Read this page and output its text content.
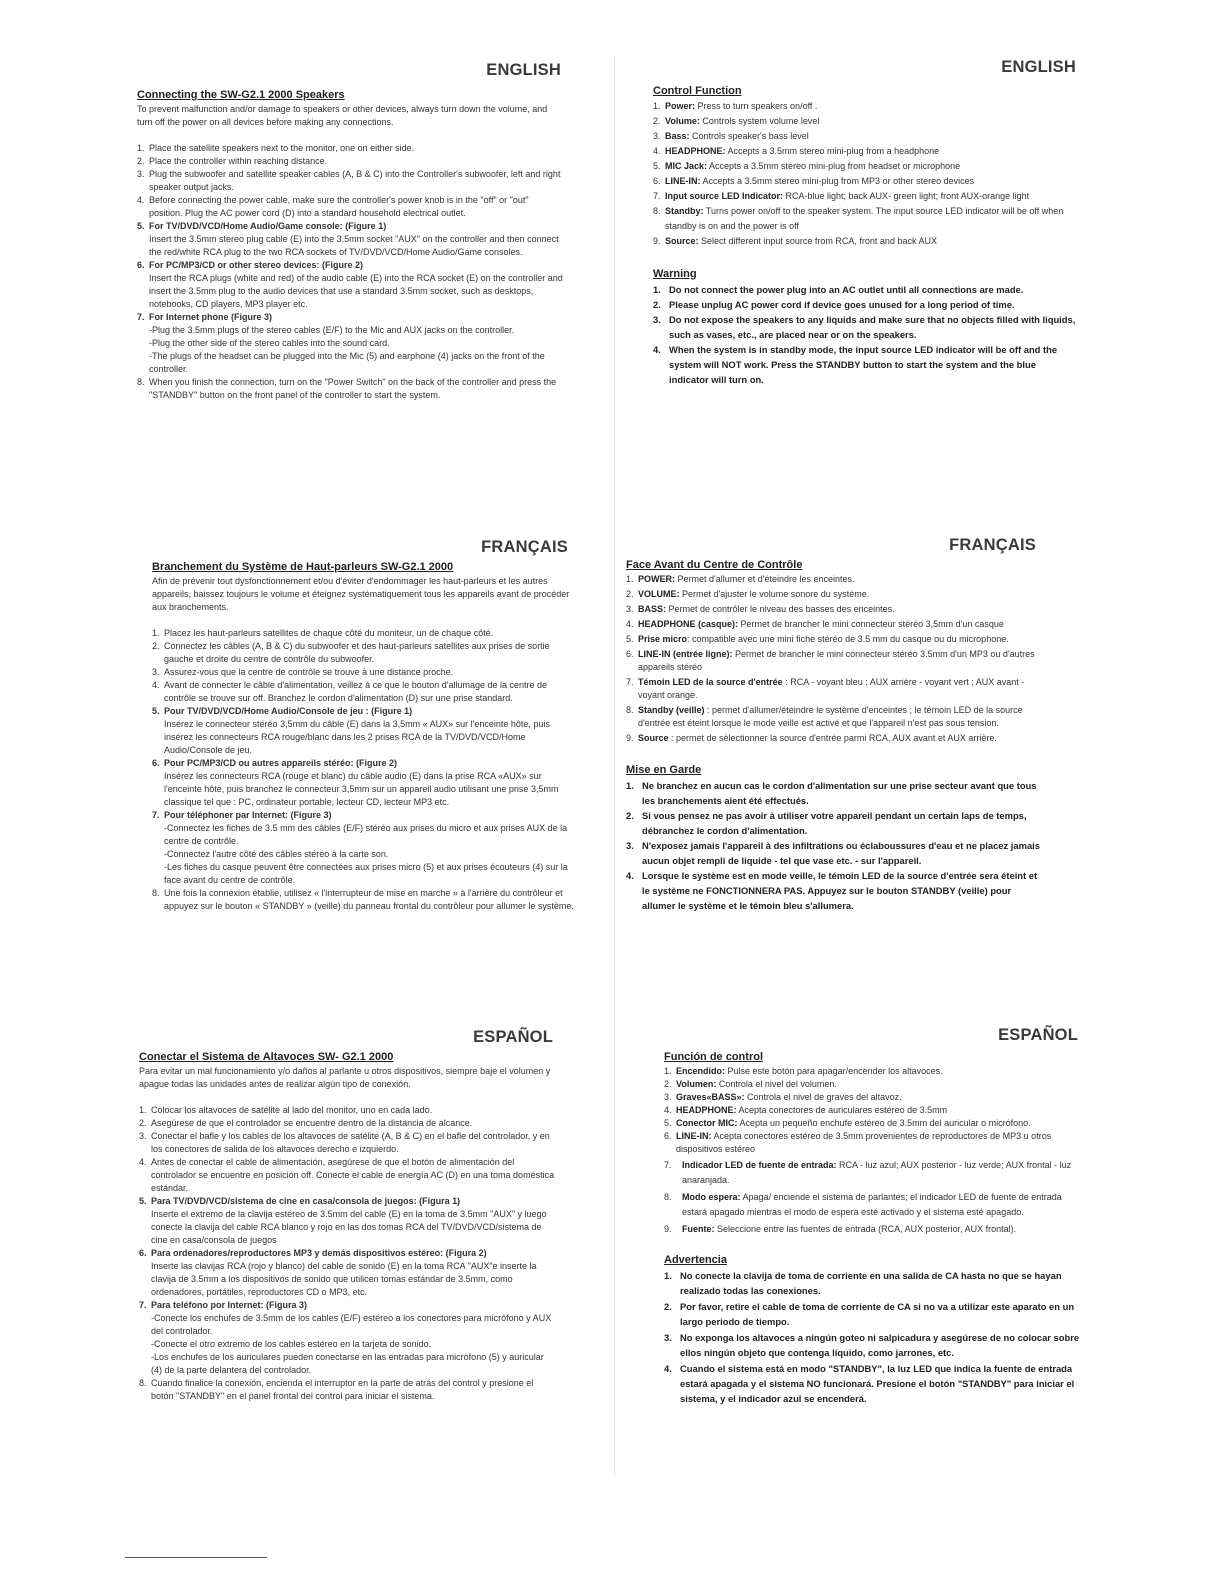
ENGLISH
Connecting the SW-G2.1 2000 Speakers

To prevent malfunction and/or damage to speakers or other devices, always turn down the volume, and turn off the power on all devices before making any connections.

1. Place the satellite speakers next to the monitor, one on either side.
2. Place the controller within reaching distance.
3. Plug the subwoofer and satellite speaker cables (A, B & C) into the Controller's subwoofer, left and right speaker output jacks.
4. Before connecting the power cable, make sure the controller's power knob is in the "off" or "out" position. Plug the AC power cord (D) into a standard household electrical outlet.
5. For TV/DVD/VCD/Home Audio/Game console: (Figure 1)
Insert the 3.5mm stereo plug cable (E) into the 3.5mm socket "AUX" on the controller and then connect the red/white RCA plug to the two RCA sockets of TV/DVD/VCD/Home Audio/Game consoles.
6. For PC/MP3/CD or other stereo devices: (Figure 2)
Insert the RCA plugs (white and red) of the audio cable (E) into the RCA socket (E) on the controller and insert the 3.5mm plug to the audio devices that use a standard 3.5mm socket, such as desktops, notebooks, CD players, MP3 player etc.
7. For Internet phone (Figure 3)
-Plug the 3.5mm plugs of the stereo cables (E/F) to the Mic and AUX jacks on the controller.
-Plug the other side of the stereo cables into the sound card.
-The plugs of the headset can be plugged into the Mic (5) and earphone (4) jacks on the front of the controller.
8. When you finish the connection, turn on the "Power Switch" on the back of the controller and press the "STANDBY" button on the front panel of the controller to start the system.
ENGLISH
Control Function
1. Power: Press to turn speakers on/off .
2. Volume: Controls system volume level
3. Bass: Controls speaker's bass level
4. HEADPHONE: Accepts a 3.5mm stereo mini-plug from a headphone
5. MIC Jack: Accepts a 3.5mm stereo mini-plug from headset or microphone
6. LINE-IN: Accepts a 3.5mm stereo mini-plug from MP3 or other stereo devices
7. Input source LED Indicator: RCA-blue light; back AUX- green light; front AUX-orange light
8. Standby: Turns power on/off to the speaker system. The input source LED indicator will be off when standby is on and the power is off
9. Source: Select different input source from RCA, front and back AUX
Warning
1. Do not connect the power plug into an AC outlet until all connections are made.
2. Please unplug AC power cord if device goes unused for a long period of time.
3. Do not expose the speakers to any liquids and make sure that no objects filled with liquids, such as vases, etc., are placed near or on the speakers.
4. When the system is in standby mode, the input source LED indicator will be off and the system will NOT work. Press the STANDBY button to start the system and the blue indicator will turn on.
FRANÇAIS
Branchement du Système de Haut-parleurs SW-G2.1 2000

Afin de prévenir tout dysfonctionnement et/ou d'éviter d'endommager les haut-parleurs et les autres appareils, baissez toujours le volume et éteignez systématiquement tous les appareils avant de procéder aux branchements.

1. Placez les haut-parleurs satellites de chaque côté du moniteur, un de chaque côté.
2. Connectez les câbles (A, B & C) du subwoofer et des haut-parleurs satellites aux prises de sortie gauche et droite du centre de contrôle du subwoofer.
3. Assurez-vous que la centre de contrôle se trouve à une distance proche.
4. Avant de connecter le câble d'alimentation, veillez à ce que le bouton d'allumage de la centre de contrôle se trouve sur off. Branchez le cordon d'alimentation (D) sur une prise standard.
5. Pour TV/DVD/VCD/Home Audio/Console de jeu : (Figure 1)
Insérez le connecteur stéréo 3,5mm du câble (E) dans la 3,5mm « AUX» sur l'enceinte hôte, puis insérez les connecteurs RCA rouge/blanc dans les 2 prises RCA de la TV/DVD/VCD/Home Audio/Console de jeu.
6. Pour PC/MP3/CD ou autres appareils stéréo: (Figure 2)
Insérez les connecteurs RCA (rouge et blanc) du câble audio (E) dans la prise RCA «AUX» sur l'enceinte hôte, puis branchez le connecteur 3,5mm sur un appareil audio utilisant une prise 3,5mm classique tel que : PC, ordinateur portable, lecteur CD, lecteur MP3 etc.
7. Pour téléphoner par Internet: (Figure 3)
-Connectez les fiches de 3.5 mm des câbles (E/F) stéréo aux prises du micro et aux prises AUX de la centre de contrôle.
-Connectez l'autre côté des câbles stéréo à la carte son.
-Les fiches du casque peuvent être connectées aux prises micro (5) et aux prises écouteurs (4) sur la face avant du centre de contrôle.
8. Une fois la connexion établie, utilisez « l'interrupteur de mise en marche » à l'arrière du contrôleur et appuyez sur le bouton « STANDBY » (veille) du panneau frontal du contrôleur pour allumer le système.
FRANÇAIS
Face Avant du Centre de Contrôle
1. POWER: Permet d'allumer et d'éteindre les enceintes.
2. VOLUME: Permet d'ajuster le volume sonore du système.
3. BASS: Permet de contrôler le niveau des basses des enceintes.
4. HEADPHONE (casque): Permet de brancher le mini connecteur stéréo 3,5mm d'un casque
5. Prise micro: compatible avec une mini fiche stéréo de 3.5 mm du casque ou du microphone.
6. LINE-IN (entrée ligne): Permet de brancher le mini connecteur stéréo 3.5mm d'un MP3 ou d'autres appareils stéréo
7. Témoin LED de la source d'entrée : RCA - voyant bleu ; AUX arrière - voyant vert ; AUX avant - voyant orange.
8. Standby (veille) : permet d'allumer/éteindre le système d'enceintes ; le témoin LED de la source d'entrée est éteint lorsque le mode veille est activé et que l'appareil n'est pas sous tension.
9. Source : permet de sélectionner la source d'entrée parmi RCA, AUX avant et AUX arrière.
Mise en Garde
1. Ne branchez en aucun cas le cordon d'alimentation sur une prise secteur avant que tous les branchements aient été effectués.
2. Si vous pensez ne pas avoir à utiliser votre appareil pendant un certain laps de temps, débranchez le cordon d'alimentation.
3. N'exposez jamais l'appareil à des infiltrations ou éclaboussures d'eau et ne placez jamais aucun objet rempli de liquide - tel que vase etc. - sur l'appareil.
4. Lorsque le système est en mode veille, le témoin LED de la source d'entrée sera éteint et le système ne FONCTIONNERA PAS. Appuyez sur le bouton STANDBY (veille) pour allumer le système et le témoin bleu s'allumera.
ESPAÑOL
Conectar el Sistema de Altavoces SW- G2.1 2000

Para evitar un mal funcionamiento y/o daños al parlante u otros dispositivos, siempre baje el volumen y apague todas las unidades antes de realizar algún tipo de conexión.

1. Colocar los altavoces de satélite al lado del monitor, uno en cada lado.
2. Asegúrese de que el controlador se encuentre dentro de la distancia de alcance.
3. Conectar el bafle y los cables de los altavoces de satélite (A, B & C) en el bafle del controlador, y en los conectores de salida de los altavoces derecho e izquierdo.
4. Antes de conectar el cable de alimentación, asegúrese de que el botón de alimentación del controlador se encuentre en posición off. Conecte el cable de energía AC (D) en una toma doméstica estándar.
5. Para TV/DVD/VCD/sistema de cine en casa/consola de juegos: (Figura 1)
Inserte el extremo de la clavija estéreo de 3.5mm del cable (E) en la toma de 3.5mm "AUX" y luego conecte la clavija del cable RCA blanco y rojo en las dos tomas RCA del TV/DVD/VCD/sistema de cine en casa/consola de juegos
6. Para ordenadores/reproductores MP3 y demás dispositivos estéreo: (Figura 2)
Inserte las clavijas RCA (rojo y blanco) del cable de sonido (E) en la toma RCA "AUX"e inserte la clavija de 3.5mm a los dispositivos de sonido que utilicen tomas estándar de 3.5mm, como ordenadores, portátiles, reproductores CD o MP3, etc.
7. Para teléfono por Internet: (Figura 3)
-Conecte los enchufes de 3.5mm de los cables (E/F) estéreo a los conectores para micrófono y AUX del controlador.
-Conecte el otro extremo de los cables estéreo en la tarjeta de sonido.
-Los enchufes de los auriculares pueden conectarse en las entradas para micrófono (5) y auricular (4) de la parte delantera del controlador.
8. Cuando finalice la conexión, encienda el interruptor en la parte de atrás del control y presione el botón "STANDBY" en el panel frontal del control para iniciar el sistema.
ESPAÑOL
Función de control
1. Encendido: Pulse este botón para apagar/encender los altavoces.
2. Volumen: Controla el nivel del volumen.
3. Graves«BASS»: Controla el nivel de graves del altavoz.
4. HEADPHONE: Acepta conectores de auriculares estéreo de 3.5mm
5. Conector MIC: Acepta un pequeño enchufe estéreo de 3.5mm del auricular o micrófono.
6. LINE-IN: Acepta conectores estéreo de 3.5mm provenientes de reproductores de MP3 u otros dispositivos estéreo
7. Indicador LED de fuente de entrada: RCA - luz azul; AUX posterior - luz verde; AUX frontal - luz anaranjada.
8. Modo espera: Apaga/ enciende el sistema de parlantes; el indicador LED de fuente de entrada estará apagado mientras el modo de espera esté activado y el sistema esté apagado.
9. Fuente: Seleccione entre las fuentes de entrada (RCA, AUX posterior, AUX frontal).
Advertencia
1. No conecte la clavija de toma de corriente en una salida de CA hasta no que se hayan realizado todas las conexiones.
2. Por favor, retire el cable de toma de corriente de CA si no va a utilizar este aparato en un largo periodo de tiempo.
3. No exponga los altavoces a ningún goteo ni salpicadura y asegúrese de no colocar sobre ellos ningún objeto que contenga líquido, como jarrones, etc.
4. Cuando el sistema está en modo "STANDBY", la luz LED que indica la fuente de entrada estará apagada y el sistema NO funcionará. Presione el botón "STANDBY" para iniciar el sistema, y el indicador azul se encenderá.
